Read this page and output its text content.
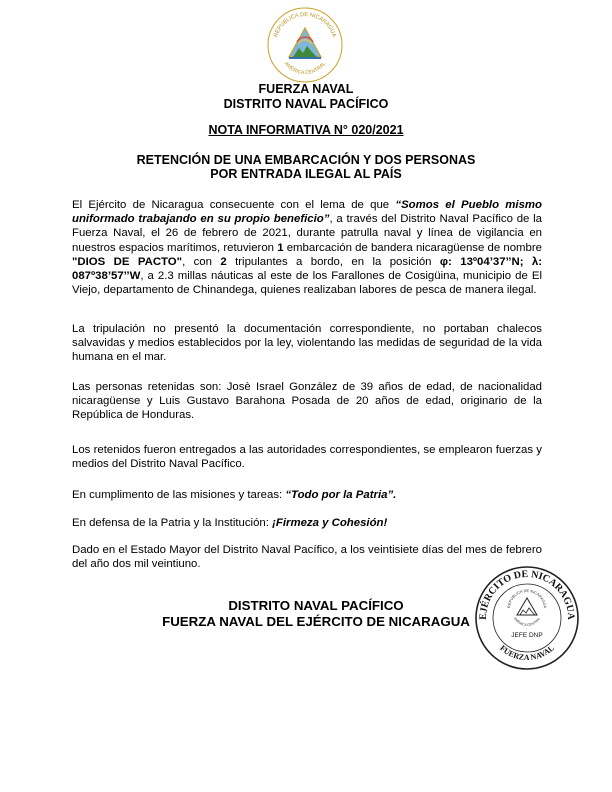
REPÚBLICA DE NICARAGUA
AMÉRICA CENTRAL
FUERZA NAVAL
DISTRITO NAVAL PACÍFICO
NOTA INFORMATIVA N° 020/2021
RETENCIÓN DE UNA EMBARCACIÓN Y DOS PERSONAS
POR ENTRADA ILEGAL AL PAÍS
El Ejército de Nicaragua consecuente con el lema de que “Somos el Pueblo mismo uniformado trabajando en su propio beneficio”, a través del Distrito Naval Pacífico de la Fuerza Naval, el 26 de febrero de 2021, durante patrulla naval y línea de vigilancia en nuestros espacios marítimos, retuvieron 1 embarcación de bandera nicaragüense de nombre "DIOS DE PACTO", con 2 tripulantes a bordo, en la posición φ: 13º04’37’’N; λ: 087º38’57’’W, a 2.3 millas náuticas al este de los Farallones de Cosigüina, municipio de El Viejo, departamento de Chinandega, quienes realizaban labores de pesca de manera ilegal.
La tripulación no presentó la documentación correspondiente, no portaban chalecos salvavidas y medios establecidos por la ley, violentando las medidas de seguridad de la vida humana en el mar.
Las personas retenidas son: Josè Israel González de 39 años de edad, de nacionalidad nicaragüense y Luis Gustavo Barahona Posada de 20 años de edad, originario de la República de Honduras.
Los retenidos fueron entregados a las autoridades correspondientes, se emplearon fuerzas y medios del Distrito Naval Pacífico.
En cumplimento de las misiones y tareas: “Todo por la Patria”.
En defensa de la Patria y la Institución: ¡Firmeza y Cohesión!
Dado en el Estado Mayor del Distrito Naval Pacífico, a los veintisiete días del mes de febrero del año dos mil veintiuno.
DISTRITO NAVAL PACÍFICO
FUERZA NAVAL DEL EJÉRCITO DE NICARAGUA EJÉRCITO DE NICARAGUA
FUERZA NAVAL
REPÚBLICA DE NICARAGUA
AMÉRICA CENTRAL
JEFE DNP
